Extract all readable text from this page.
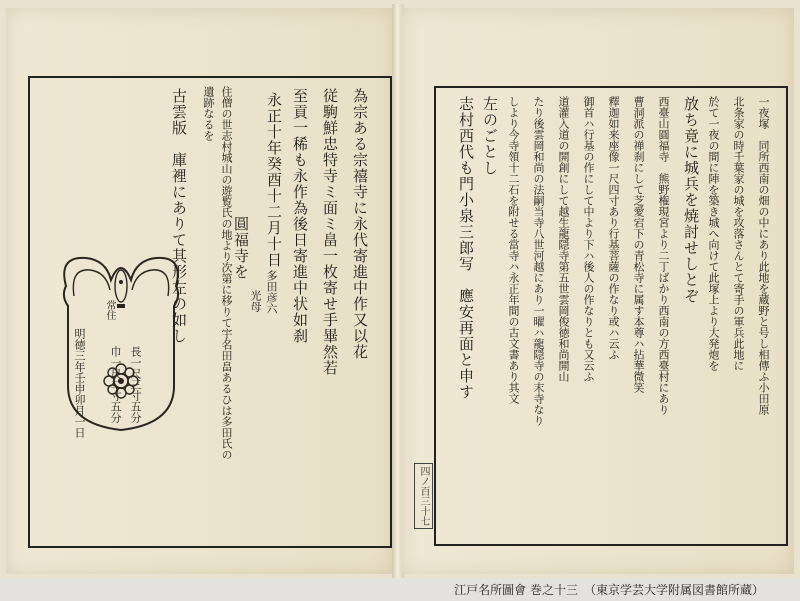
明徳三年壬申卯月一日
常住
巾一尺二寸五分 長一尺三寸五分
古雲版　庫裡にありて其形左の如し 遺跡なるを 住僧の世志村城山の遊覧氏の地より次第に移りて宇名田畠あるひは多田氏の 圓福寺を
光母 多田彦六
永正十年癸酉十二月十日 至貢一稀も永作為後日寄進中状如刹 従駒鮮忠特寺ミ面ミ畠一枚寄せ手畢然若 為宗ある宗禧寺に永代寄進中作又以花
四ノ百三十七
志村西代も門小泉三郎写　應安再面と申す 左のごとし しより今寺領十二石を附せる當寺ハ永正年間の古文書あり其文 たり後雲岡和尚の法嗣当寺八世河越にあり一曜ハ龍隠寺の末寺なり 道灌入道の開創にして越生龍隠寺第五世雲岡俊徳和尚開山 御首ハ行基の作にして中より下ハ後人の作なりとも又云ふ 釋迦如来座像一尺四寸あり行基菩薩の作なり或ハ云ふ 曹洞派の禅刹にして芝愛宕下の青松寺に属す本尊ハ拈華微笑 西臺山圓福寺　熊野権現宮より二丁ばかり西南の方西臺村にあり 放ち竟に城兵を焼討せしとぞ 於て一夜の間に陣を築き城へ向けて此塚上より大発炮を 北条家の時千葉家の城を攻落さんとて寄手の軍兵此地に 一夜塚　同所西南の畑の中にあり此地を蔵野と号し相傳ふ小田原
江戸名所圖會 巻之十三　（東京学芸大学附属図書館所蔵）
